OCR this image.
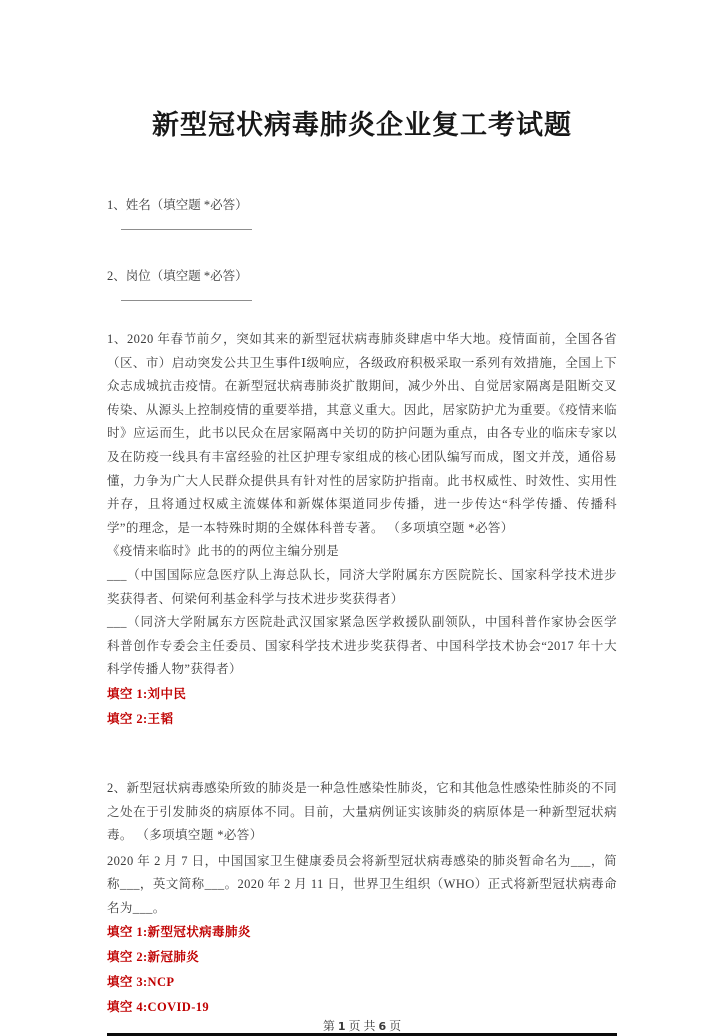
新型冠状病毒肺炎企业复工考试题

1、姓名（填空题 *必答）

2、岗位（填空题 *必答）

1、2020 年春节前夕，突如其来的新型冠状病毒肺炎肆虐中华大地。疫情面前，全国各省（区、市）启动突发公共卫生事件Ⅰ级响应，各级政府积极采取一系列有效措施，全国上下众志成城抗击疫情。在新型冠状病毒肺炎扩散期间，减少外出、自觉居家隔离是阻断交叉传染、从源头上控制疫情的重要举措，其意义重大。因此，居家防护尤为重要。《疫情来临时》应运而生，此书以民众在居家隔离中关切的防护问题为重点，由各专业的临床专家以及在防疫一线具有丰富经验的社区护理专家组成的核心团队编写而成，图文并茂，通俗易懂，力争为广大人民群众提供具有针对性的居家防护指南。此书权威性、时效性、实用性并存，且将通过权威主流媒体和新媒体渠道同步传播，进一步传达“科学传播、传播科学”的理念，是一本特殊时期的全媒体科普专著。 （多项填空题 *必答）

《疫情来临时》此书的的两位主编分别是

___（中国国际应急医疗队上海总队长，同济大学附属东方医院院长、国家科学技术进步奖获得者、何梁何利基金科学与技术进步奖获得者）

___（同济大学附属东方医院赴武汉国家紧急医学救援队副领队，中国科普作家协会医学科普创作专委会主任委员、国家科学技术进步奖获得者、中国科学技术协会“2017 年十大科学传播人物”获得者）

填空 1:刘中民

填空 2:王韬

2、新型冠状病毒感染所致的肺炎是一种急性感染性肺炎，它和其他急性感染性肺炎的不同之处在于引发肺炎的病原体不同。目前，大量病例证实该肺炎的病原体是一种新型冠状病毒。 （多项填空题 *必答）

2020 年 2 月 7 日，中国国家卫生健康委员会将新型冠状病毒感染的肺炎暂命名为___，简称___，英文简称___。2020 年 2 月 11 日，世界卫生组织（WHO）正式将新型冠状病毒命名为___。

填空 1:新型冠状病毒肺炎

填空 2:新冠肺炎

填空 3:NCP

填空 4:COVID-19

第 1 页 共 6 页
